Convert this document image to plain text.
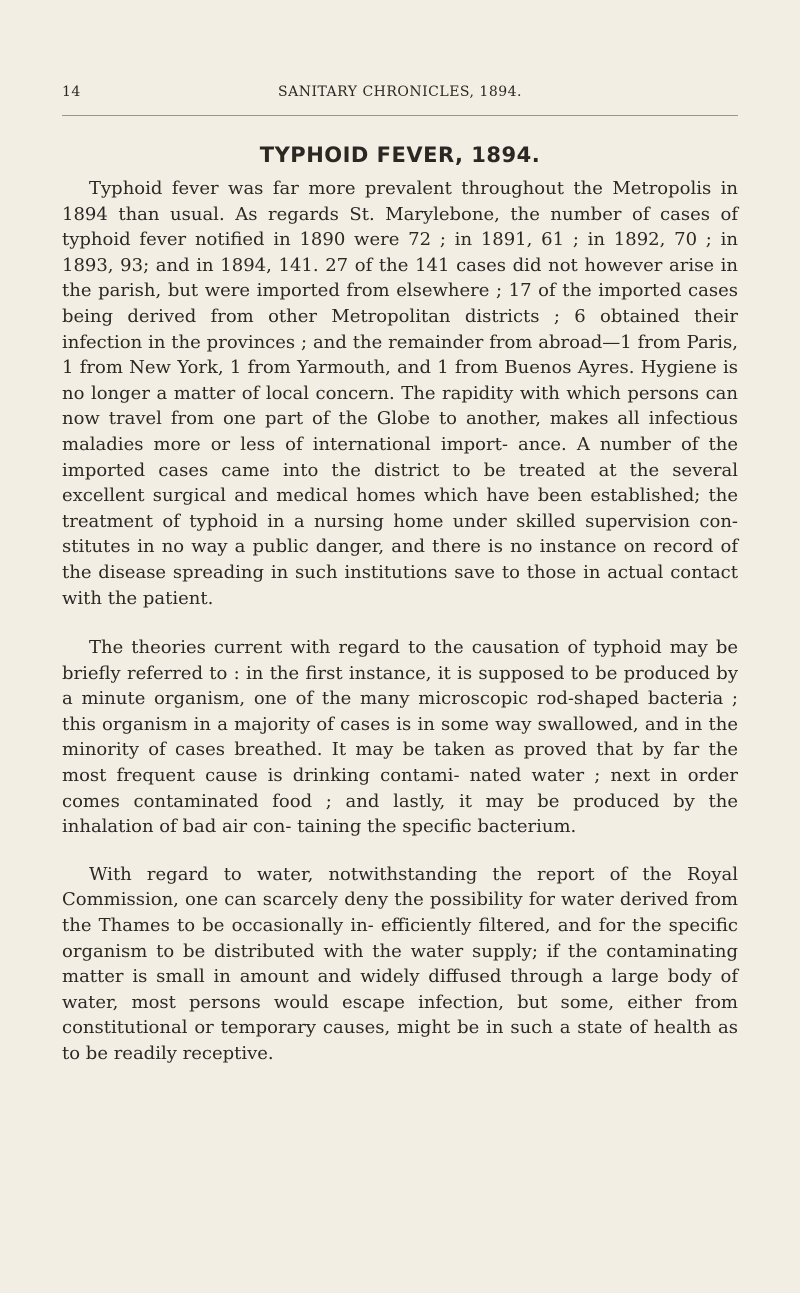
14	SANITARY CHRONICLES, 1894.
TYPHOID FEVER, 1894.

Typhoid fever was far more prevalent throughout the Metropolis in 1894 than usual. As regards St. Marylebone, the number of cases of typhoid fever notified in 1890 were 72 ; in 1891, 61 ; in 1892, 70 ; in 1893, 93; and in 1894, 141. 27 of the 141 cases did not however arise in the parish, but were imported from elsewhere ; 17 of the imported cases being derived from other Metropolitan districts ; 6 obtained their infection in the provinces ; and the remainder from abroad—1 from Paris, 1 from New York, 1 from Yarmouth, and 1 from Buenos Ayres. Hygiene is no longer a matter of local concern. The rapidity with which persons can now travel from one part of the Globe to another, makes all infectious maladies more or less of international import- ance. A number of the imported cases came into the district to be treated at the several excellent surgical and medical homes which have been established; the treatment of typhoid in a nursing home under skilled supervision con- stitutes in no way a public danger, and there is no instance on record of the disease spreading in such institutions save to those in actual contact with the patient.

The theories current with regard to the causation of typhoid may be briefly referred to : in the first instance, it is supposed to be produced by a minute organism, one of the many microscopic rod-shaped bacteria ; this organism in a majority of cases is in some way swallowed, and in the minority of cases breathed. It may be taken as proved that by far the most frequent cause is drinking contami- nated water ; next in order comes contaminated food ; and lastly, it may be produced by the inhalation of bad air con- taining the specific bacterium.

With regard to water, notwithstanding the report of the Royal Commission, one can scarcely deny the possibility for water derived from the Thames to be occasionally in- efficiently filtered, and for the specific organism to be distributed with the water supply; if the contaminating matter is small in amount and widely diffused through a large body of water, most persons would escape infection, but some, either from constitutional or temporary causes, might be in such a state of health as to be readily receptive.
